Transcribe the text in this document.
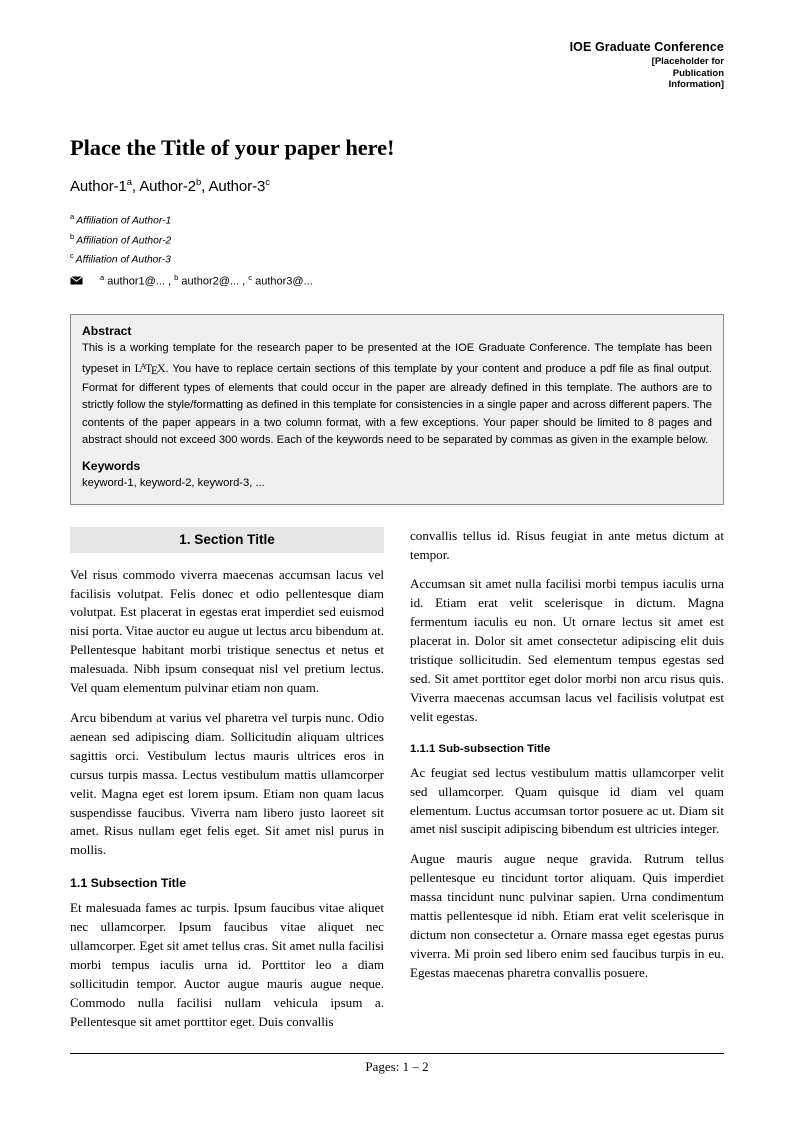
IOE Graduate Conference
[Placeholder for
Publication
Information]
Place the Title of your paper here!
Author-1$^a$, Author-2$^b$, Author-3$^c$
$^a$ Affiliation of Author-1
$^b$ Affiliation of Author-2
$^c$ Affiliation of Author-3
$^a$ author1@... , $^b$ author2@... , $^c$ author3@...
Abstract

This is a working template for the research paper to be presented at the IOE Graduate Conference. The template has been typeset in $L^ATEX$. You have to replace certain sections of this template by your content and produce a pdf file as final output. Format for different types of elements that could occur in the paper are already defined in this template. The authors are to strictly follow the style/formatting as defined in this template for consistencies in a single paper and across different papers. The contents of the paper appears in a two column format, with a few exceptions. Your paper should be limited to 8 pages and abstract should not exceed 300 words. Each of the keywords need to be separated by commas as given in the example below.

Keywords
keyword-1, keyword-2, keyword-3, ...
1. Section Title

Vel risus commodo viverra maecenas accumsan lacus vel facilisis volutpat. Felis donec et odio pellentesque diam volutpat. Est placerat in egestas erat imperdiet sed euismod nisi porta. Vitae auctor eu augue ut lectus arcu bibendum at. Pellentesque habitant morbi tristique senectus et netus et malesuada. Nibh ipsum consequat nisl vel pretium lectus. Vel quam elementum pulvinar etiam non quam.

Arcu bibendum at varius vel pharetra vel turpis nunc. Odio aenean sed adipiscing diam. Sollicitudin aliquam ultrices sagittis orci. Vestibulum lectus mauris ultrices eros in cursus turpis massa. Lectus vestibulum mattis ullamcorper velit. Magna eget est lorem ipsum. Etiam non quam lacus suspendisse faucibus. Viverra nam libero justo laoreet sit amet. Risus nullam eget felis eget. Sit amet nisl purus in mollis.

1.1 Subsection Title

Et malesuada fames ac turpis. Ipsum faucibus vitae aliquet nec ullamcorper. Ipsum faucibus vitae aliquet nec ullamcorper. Eget sit amet tellus cras. Sit amet nulla facilisi morbi tempus iaculis urna id. Porttitor leo a diam sollicitudin tempor. Auctor augue mauris augue neque. Commodo nulla facilisi nullam vehicula ipsum a. Pellentesque sit amet porttitor eget. Duis convallis

convallis tellus id. Risus feugiat in ante metus dictum at tempor.

Accumsan sit amet nulla facilisi morbi tempus iaculis urna id. Etiam erat velit scelerisque in dictum. Magna fermentum iaculis eu non. Ut ornare lectus sit amet est placerat in. Dolor sit amet consectetur adipiscing elit duis tristique sollicitudin. Sed elementum tempus egestas sed sed. Sit amet porttitor eget dolor morbi non arcu risus quis. Viverra maecenas accumsan lacus vel facilisis volutpat est velit egestas.

1.1.1 Sub-subsection Title

Ac feugiat sed lectus vestibulum mattis ullamcorper velit sed ullamcorper. Quam quisque id diam vel quam elementum. Luctus accumsan tortor posuere ac ut. Diam sit amet nisl suscipit adipiscing bibendum est ultricies integer.

Augue mauris augue neque gravida. Rutrum tellus pellentesque eu tincidunt tortor aliquam. Quis imperdiet massa tincidunt nunc pulvinar sapien. Urna condimentum mattis pellentesque id nibh. Etiam erat velit scelerisque in dictum non consectetur a. Ornare massa eget egestas purus viverra. Mi proin sed libero enim sed faucibus turpis in eu. Egestas maecenas pharetra convallis posuere.

Pages: 1 – 2
